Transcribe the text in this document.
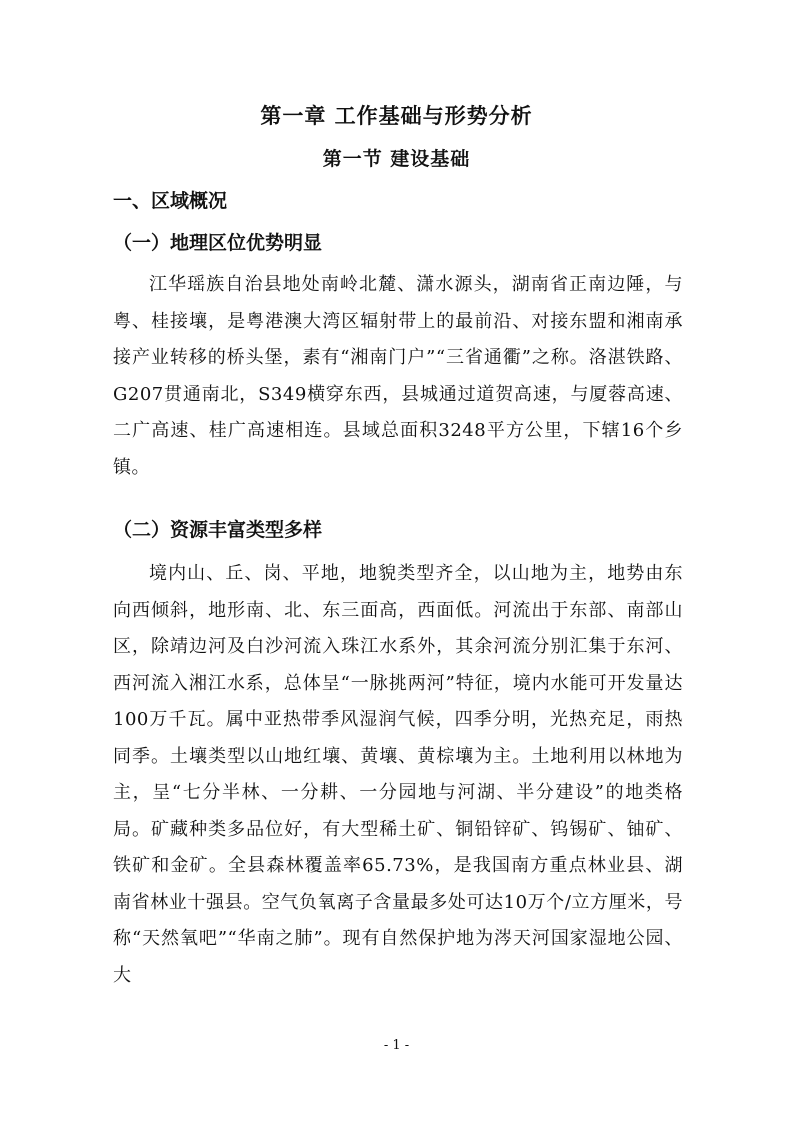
第一章 工作基础与形势分析
第一节 建设基础
一、区域概况
（一）地理区位优势明显

江华瑶族自治县地处南岭北麓、潇水源头，湖南省正南边陲，与粤、桂接壤，是粤港澳大湾区辐射带上的最前沿、对接东盟和湘南承接产业转移的桥头堡，素有“湘南门户”“三省通衢”之称。洛湛铁路、G207贯通南北，S349横穿东西，县城通过道贺高速，与厦蓉高速、二广高速、桂广高速相连。县域总面积3248平方公里，下辖16个乡镇。

（二）资源丰富类型多样

境内山、丘、岗、平地，地貌类型齐全，以山地为主，地势由东向西倾斜，地形南、北、东三面高，西面低。河流出于东部、南部山区，除靖边河及白沙河流入珠江水系外，其余河流分别汇集于东河、西河流入湘江水系，总体呈“一脉挑两河”特征，境内水能可开发量达100万千瓦。属中亚热带季风湿润气候，四季分明，光热充足，雨热同季。土壤类型以山地红壤、黄壤、黄棕壤为主。土地利用以林地为主，呈“七分半林、一分耕、一分园地与河湖、半分建设”的地类格局。矿藏种类多品位好，有大型稀土矿、铜铅锌矿、钨锡矿、铀矿、铁矿和金矿。全县森林覆盖率65.73%，是我国南方重点林业县、湖南省林业十强县。空气负氧离子含量最多处可达10万个/立方厘米，号称“天然氧吧”“华南之肺”。现有自然保护地为涔天河国家湿地公园、大

- 1 -
